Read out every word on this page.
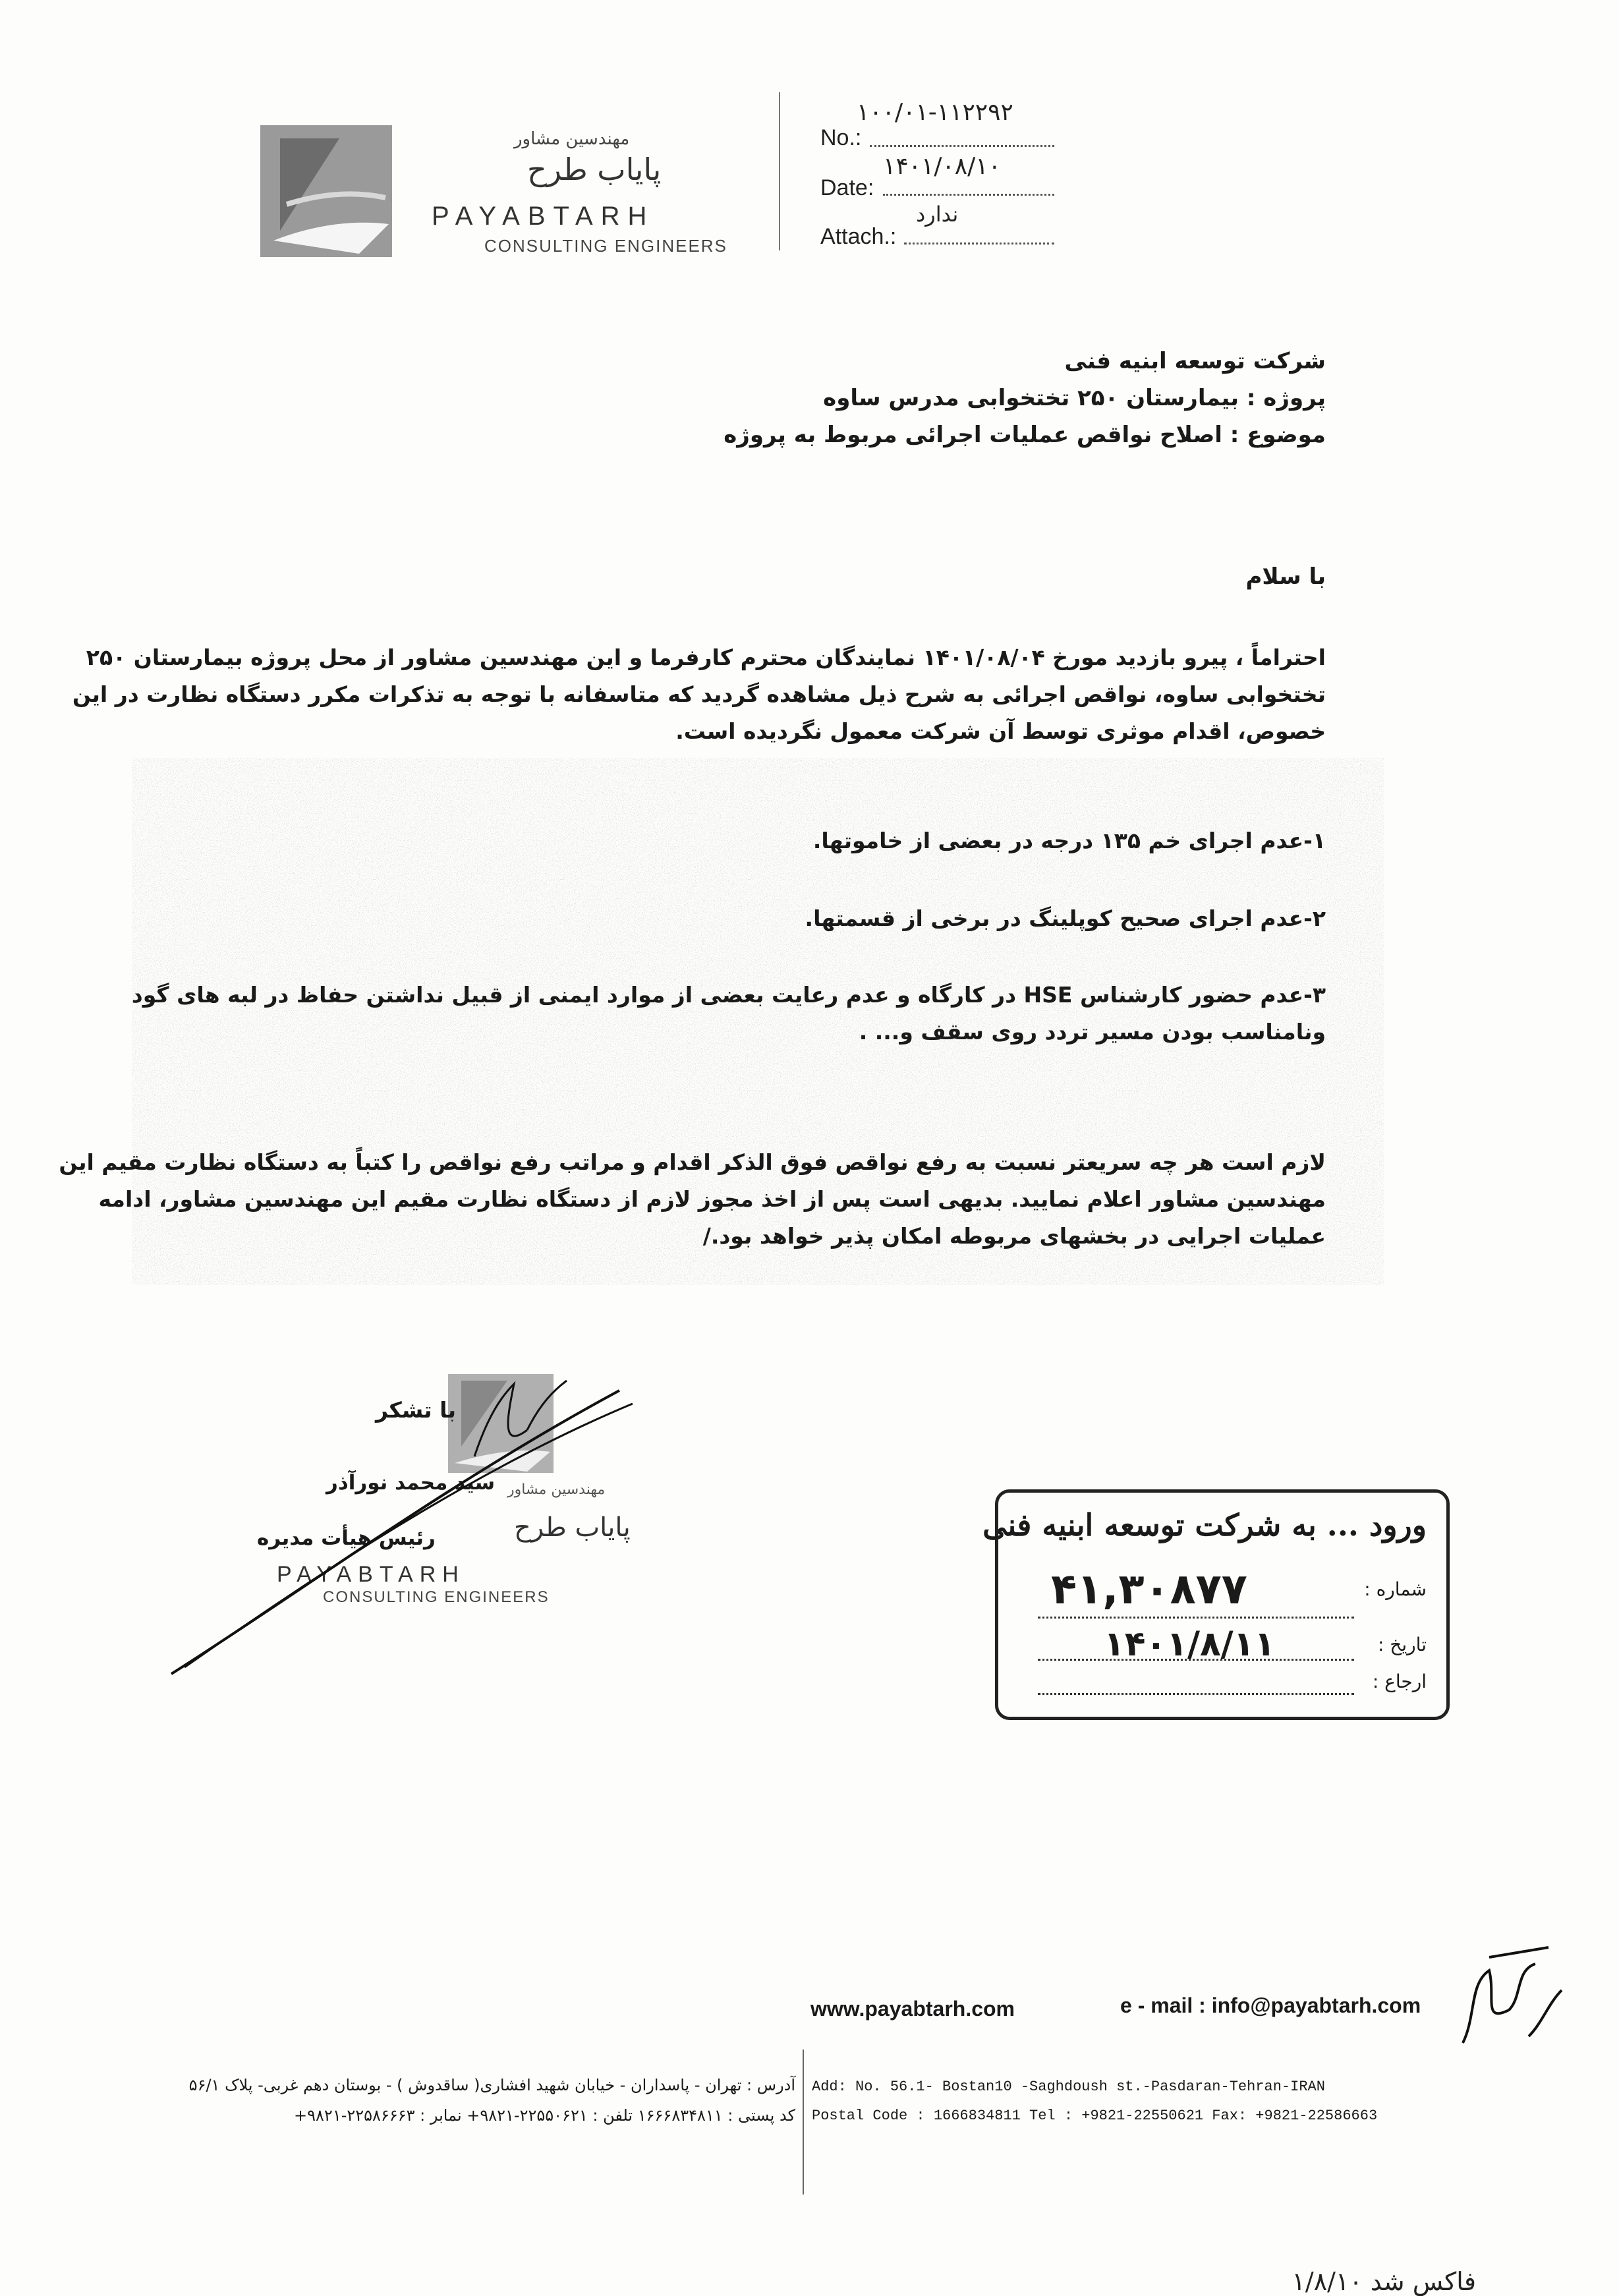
مهندسین مشاور
پایاب طرح
PAYABTARH
CONSULTING ENGINEERS
۱۰۰/۰۱-۱۱۲۲۹۲
No.:
۱۴۰۱/۰۸/۱۰
Date:
ندارد
Attach.:
شرکت توسعه ابنیه فنی
پروژه : بیمارستان ۲۵۰ تختخوابی مدرس ساوه
موضوع : اصلاح نواقص عملیات اجرائی مربوط به پروژه
با سلام
احتراماً ، پیرو بازدید مورخ ۱۴۰۱/۰۸/۰۴ نمایندگان محترم کارفرما و این مهندسین مشاور از محل پروژه بیمارستان ۲۵۰ تختخوابی ساوه، نواقص اجرائی به شرح ذیل مشاهده گردید که متاسفانه با توجه به تذکرات مکرر دستگاه نظارت در این خصوص، اقدام موثری توسط آن شرکت معمول نگردیده است.
۱-عدم اجرای خم ۱۳۵ درجه در بعضی از خاموتها.
۲-عدم اجرای صحیح کوپلینگ در برخی از قسمتها.
۳-عدم حضور کارشناس HSE در کارگاه و عدم رعایت بعضی از موارد ایمنی از قبیل نداشتن حفاظ در لبه های گود ونامناسب بودن مسیر تردد روی سقف و... .
لازم است هر چه سریعتر نسبت به رفع نواقص فوق الذکر اقدام و مراتب رفع نواقص را کتباً به دستگاه نظارت مقیم این مهندسین مشاور اعلام نمایید. بدیهی است پس از اخذ مجوز لازم از دستگاه نظارت مقیم این مهندسین مشاور، ادامه عملیات اجرایی در بخشهای مربوطه امکان پذیر خواهد بود./
با تشکر
مهندسین مشاور
سید محمد نورآذر
پایاب طرح
رئیس هیأت مدیره
PAYABTARH
CONSULTING ENGINEERS
ورود ... به شرکت توسعه ابنیه فنی
شماره :
۴۱,۳۰۸۷۷
تاریخ :
۱۴۰۱/۸/۱۱
ارجاع :
www.payabtarh.com	e - mail : info@payabtarh.com
Add: No. 56.1- Bostan10 -Saghdoush st.-Pasdaran-Tehran-IRAN
Postal Code : 1666834811 Tel : +9821-22550621 Fax: +9821-22586663
آدرس : تهران - پاسداران - خیابان شهید افشاری( ساقدوش ) - بوستان دهم غربی- پلاک ۵۶/۱
کد پستی : ۱۶۶۶۸۳۴۸۱۱ تلفن : ۲۲۵۵۰۶۲۱-۹۸۲۱+ نمابر : ۲۲۵۸۶۶۶۳-۹۸۲۱+
فاکس شد ۱/۸/۱۰
